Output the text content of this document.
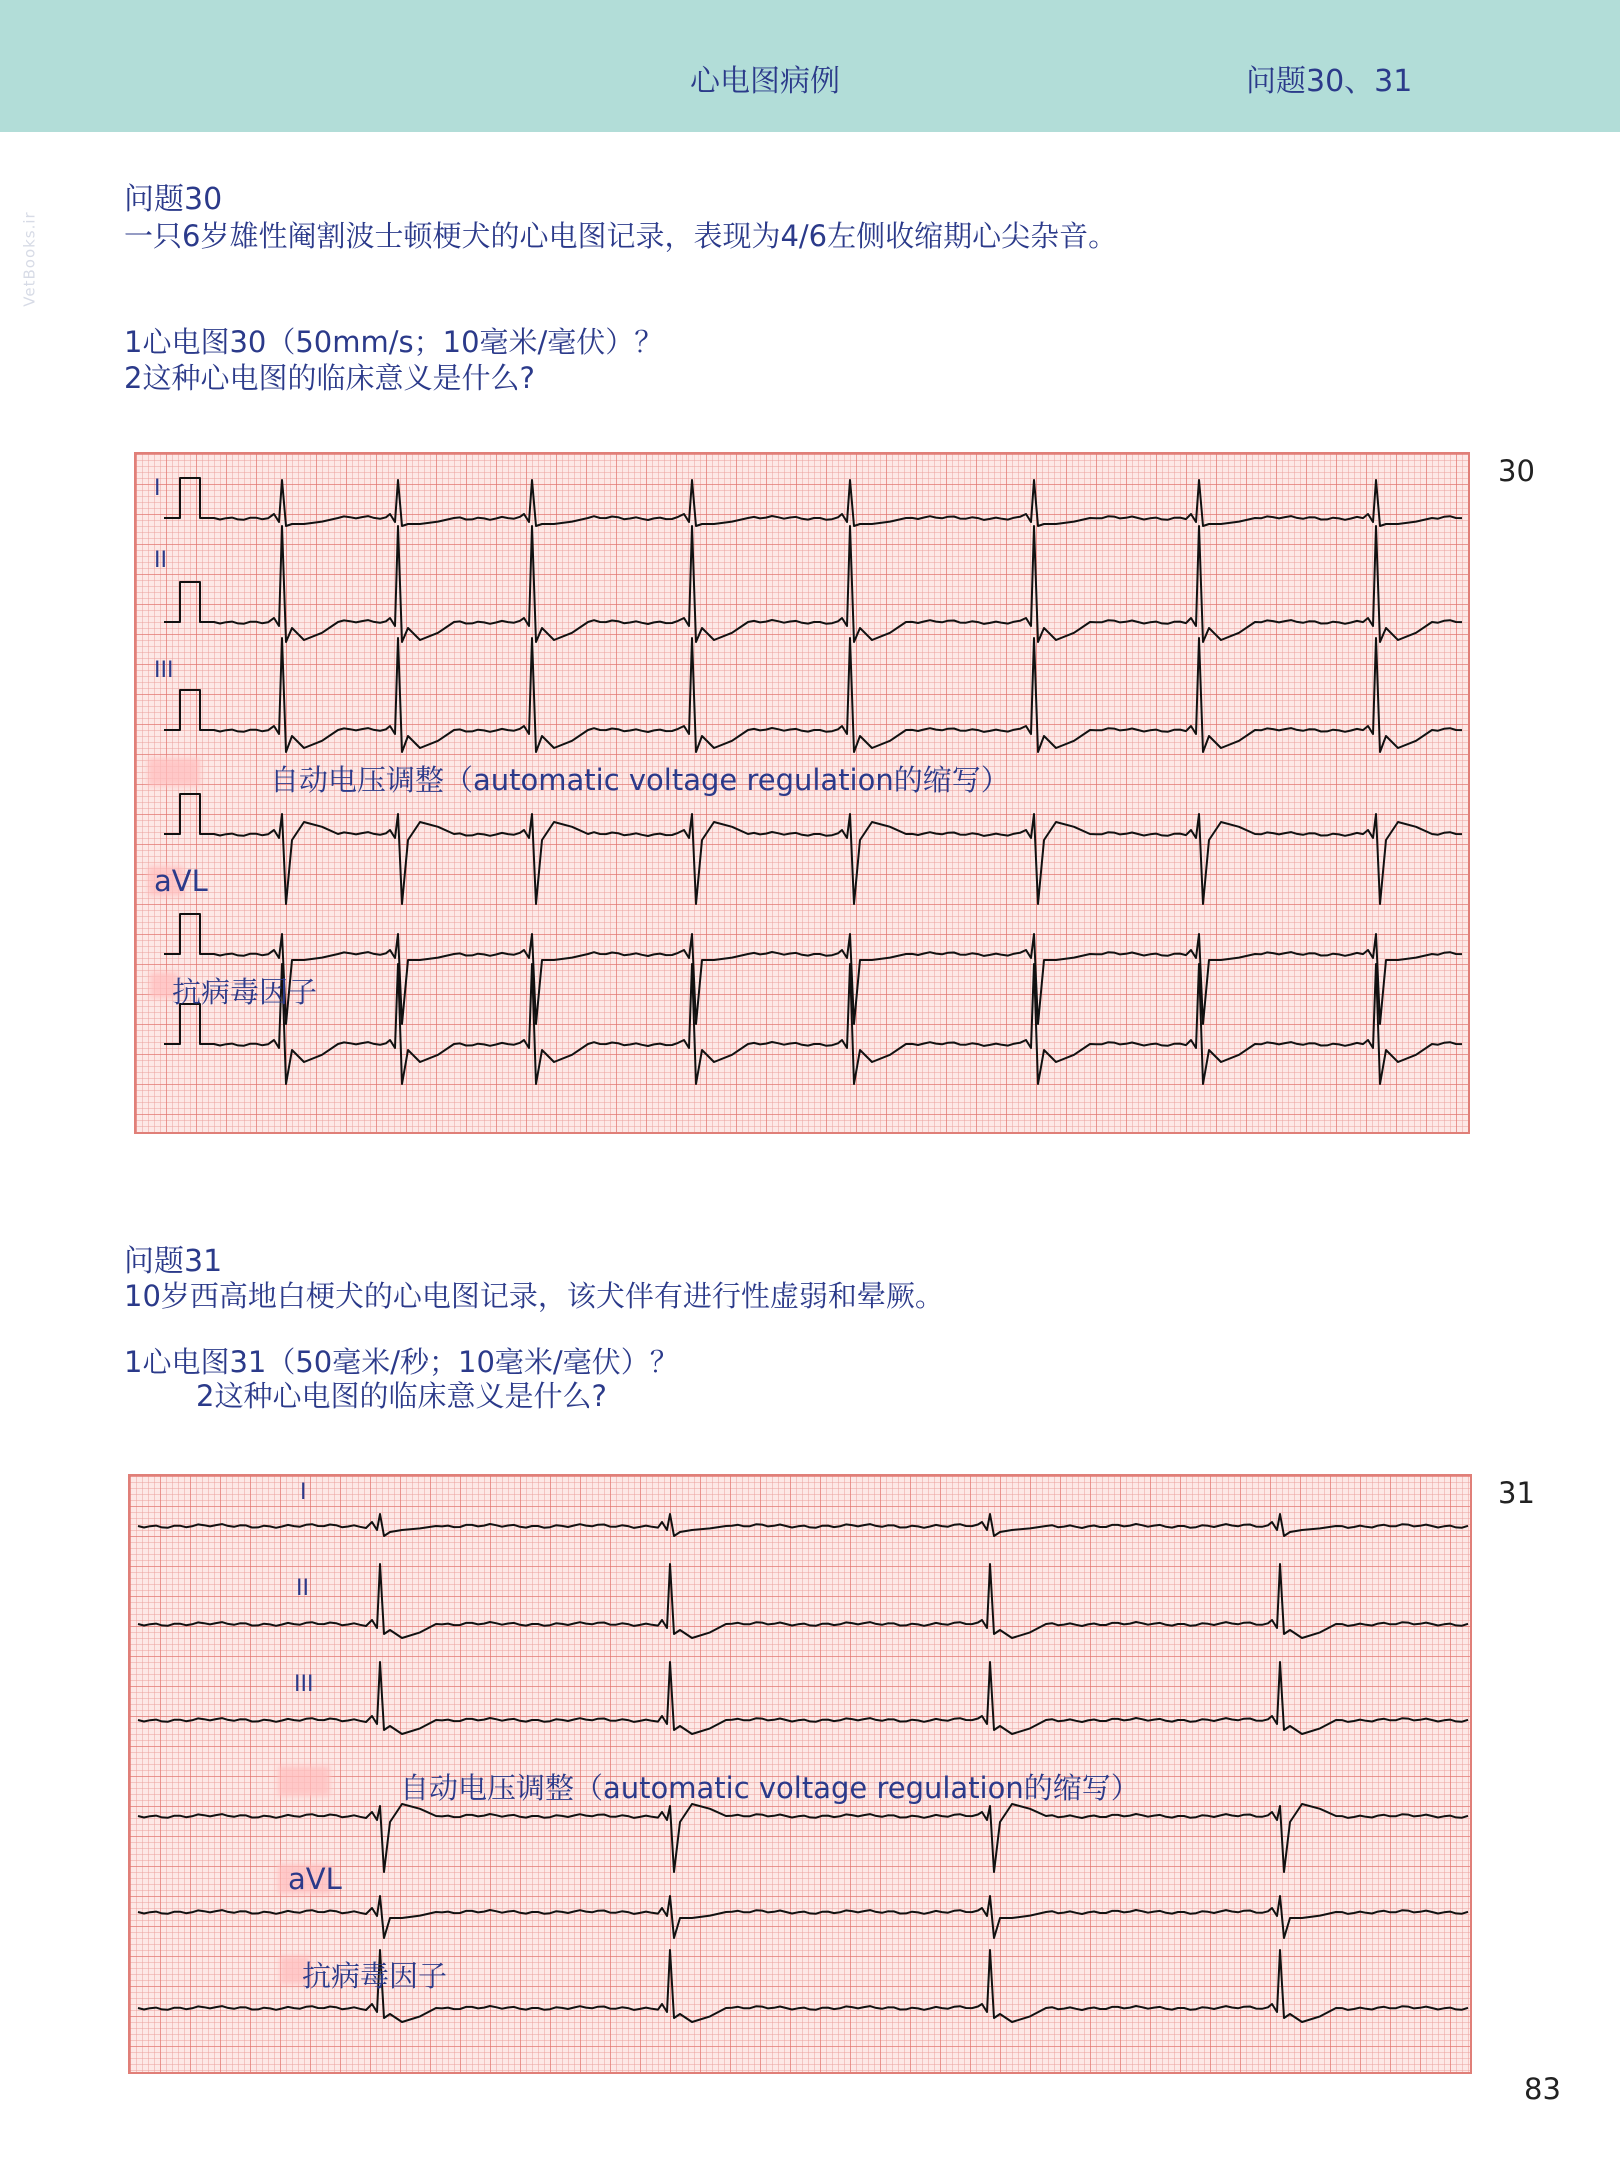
心电图病例	问题30、31
VetBooks.ir
问题30
一只6岁雄性阉割波士顿梗犬的心电图记录，表现为4/6左侧收缩期心尖杂音。
1心电图30（50mm/s；10毫米/毫伏）？
2这种心电图的临床意义是什么?
30
I
II
III
自动电压调整（automatic voltage regulation的缩写）
aVL
抗病毒因子
问题31
10岁西高地白梗犬的心电图记录，该犬伴有进行性虚弱和晕厥。
1心电图31（50毫米/秒；10毫米/毫伏）？
2这种心电图的临床意义是什么?
31
I
II
III
自动电压调整（automatic voltage regulation的缩写）
aVL
抗病毒因子
83
